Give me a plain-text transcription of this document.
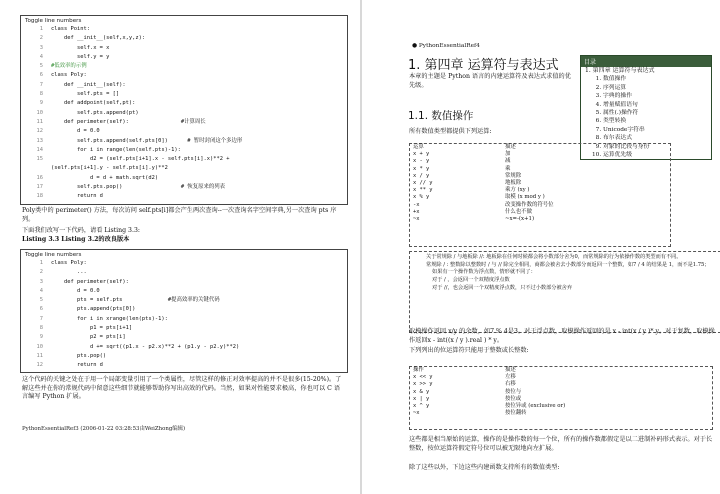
Toggle line numbers
1 class Point:
2    def __init__(self,x,y,z):
3        self.x = x
4        self.y = y
5 #低效率的示例
6 class Poly:
7    def __init__(self):
8        self.pts = []
9    def addpoint(self,pt):
10        self.pts.append(pt)
11    def perimeter(self):                #计算周长
12        d = 0.0
13        self.pts.append(self.pts[0])      # 暂时封闭这个多边形
14        for i in range(len(self.pts)-1):
15            d2 = (self.pts[i+1].x - self.pts[i].x)**2 +
(self.pts[i+1].y - self.pts[i].y)**2
16            d = d + math.sqrt(d2)
17        self.pts.pop()                  # 恢复原来的列表
18        return d
Poly类中的 perimeter() 方法，每次访问 self.pts[i]都会产生两次查询--一次查询名字空间字典,另一次查询 pts 序列。
下面我们改写一下代码，请看 Listing 3.3:
Listing 3.3 Listing 3.2的改良版本
Toggle line numbers
1 class Poly:
2        ...
3    def perimeter(self):
4        d = 0.0
5        pts = self.pts              #提高效率的关键代码
6        pts.append(pts[0])
7        for i in xrange(len(pts)-1):
8            p1 = pts[i+1]
9            p2 = pts[i]
10            d += sqrt((p1.x - p2.x)**2 + (p1.y - p2.y)**2)
11        pts.pop()
12        return d
这个代码的关键之处在于用一个局部变量引用了一个类属性，尽管这样的修正对效率提高的并不是很多(15-20%)。了解这些并在你的常规代码中留意这些细节就能够帮助你写出高效的代码。当然，如果对性能要求极高，你也可以 C 语言编写 Python 扩展。
PythonEssentialRef3 (2006-01-22 03:28:53由WeiZhong编辑)
● PythonEssentialRef4
1. 第四章 运算符与表达式
本章的主题是 Python 语言的内建运算符及表达式求值的优先级。
1.1. 数值操作
所有数值类型都提供下列运算:
目录
1. 第四章 运算符与表达式
1. 数值操作
2. 序列运算
3. 字典的操作
4. 增量赋值语句
5. 属性(.)操作符
6. 类型转换
7. Unicode字符串
8. 布尔表达式
9. 对象的比较与身份
10. 运算优先级
运算	描述
x + y	加
x - y	减
x * y	乘
x / y	常规除
x // y	地板除
x ** y	乘方 (xy )
x % y	取模 (x mod y )
-x	改变操作数的符号位
+x	什么也不做
~x	~x=-(x+1)
关于常规除 / 与地板除 //: 地板除在任何时候都会将小数部分舍为0，而常规除的行为依操作数的类型而有不同。
常规除 / : 整数除以整数时 / 与 // 除完全相同，商都会被舍去小数部分而返回一个整数，如7 / 4 的结果是 1，而不是1.75；
如果有一个操作数为浮点数，情形就不同了：
对于 / ，会返回一个双精度浮点数
对于 //，也会返回一个双精度浮点数，只不过小数部分被舍弃
取模操作返回 x/y 的余数，如7 % 4是3。对于浮点数，取模操作返回的是 x - int(x / y )* y。对于复数，取模操作返回x - int((x / y ).real ) * y。
下列列出的位运算符只能用于整数或长整数:
操作	描述
x << y	左移
x >> y	右移
x & y	按位与
x | y	按位或
x ^ y	按位异或 (exclusive or)
~x	按位翻转
这些都是相当原始的运算，操作的是操作数的每一个位，所有的操作数都假定是以二进制补码形式表示。对于长整数，按位运算符假定符号位可以被无限地向左扩展。
除了这些以外，下边这些内建函数支持所有的数值类型:
